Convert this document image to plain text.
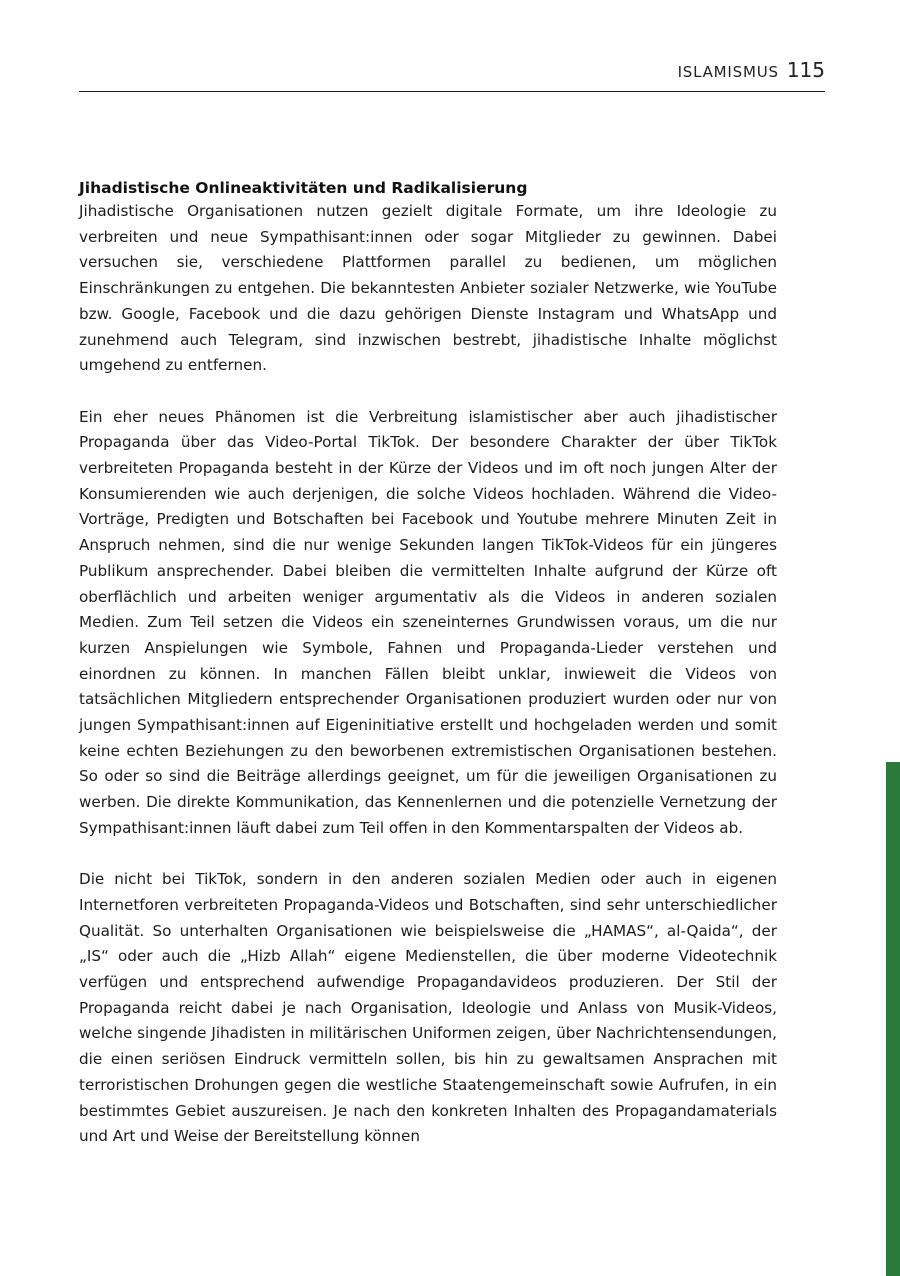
ISLAMISMUS 115
Jihadistische Onlineaktivitäten und Radikalisierung

Jihadistische Organisationen nutzen gezielt digitale Formate, um ihre Ideologie zu verbreiten und neue Sympathisant:innen oder sogar Mitglieder zu gewinnen. Dabei versuchen sie, verschiedene Plattformen parallel zu bedienen, um möglichen Einschränkungen zu entgehen. Die bekanntesten Anbieter sozialer Netzwerke, wie YouTube bzw. Google, Facebook und die dazu gehörigen Dienste Instagram und WhatsApp und zunehmend auch Telegram, sind inzwischen bestrebt, jihadistische Inhalte möglichst umgehend zu entfernen.

Ein eher neues Phänomen ist die Verbreitung islamistischer aber auch jihadistischer Propaganda über das Video-Portal TikTok. Der besondere Charakter der über TikTok verbreiteten Propaganda besteht in der Kürze der Videos und im oft noch jungen Alter der Konsumierenden wie auch derjenigen, die solche Videos hochladen. Während die Video-Vorträge, Predigten und Botschaften bei Facebook und Youtube mehrere Minuten Zeit in Anspruch nehmen, sind die nur wenige Sekunden langen TikTok-Videos für ein jüngeres Publikum ansprechender. Dabei bleiben die vermittelten Inhalte aufgrund der Kürze oft oberflächlich und arbeiten weniger argumentativ als die Videos in anderen sozialen Medien. Zum Teil setzen die Videos ein szeneinternes Grundwissen voraus, um die nur kurzen Anspielungen wie Symbole, Fahnen und Propaganda-Lieder verstehen und einordnen zu können. In manchen Fällen bleibt unklar, inwieweit die Videos von tatsächlichen Mitgliedern entsprechender Organisationen produziert wurden oder nur von jungen Sympathisant:innen auf Eigeninitiative erstellt und hochgeladen werden und somit keine echten Beziehungen zu den beworbenen extremistischen Organisationen bestehen. So oder so sind die Beiträge allerdings geeignet, um für die jeweiligen Organisationen zu werben. Die direkte Kommunikation, das Kennenlernen und die potenzielle Vernetzung der Sympathisant:innen läuft dabei zum Teil offen in den Kommentarspalten der Videos ab.

Die nicht bei TikTok, sondern in den anderen sozialen Medien oder auch in eigenen Internetforen verbreiteten Propaganda-Videos und Botschaften, sind sehr unterschiedlicher Qualität. So unterhalten Organisationen wie beispielsweise die „HAMAS“, al-Qaida“, der „IS“ oder auch die „Hizb Allah“ eigene Medienstellen, die über moderne Videotechnik verfügen und entsprechend aufwendige Propagandavideos produzieren. Der Stil der Propaganda reicht dabei je nach Organisation, Ideologie und Anlass von Musik-Videos, welche singende Jihadisten in militärischen Uniformen zeigen, über Nachrichtensendungen, die einen seriösen Eindruck vermitteln sollen, bis hin zu gewaltsamen Ansprachen mit terroristischen Drohungen gegen die westliche Staatengemeinschaft sowie Aufrufen, in ein bestimmtes Gebiet auszureisen. Je nach den konkreten Inhalten des Propagandamaterials und Art und Weise der Bereitstellung können
